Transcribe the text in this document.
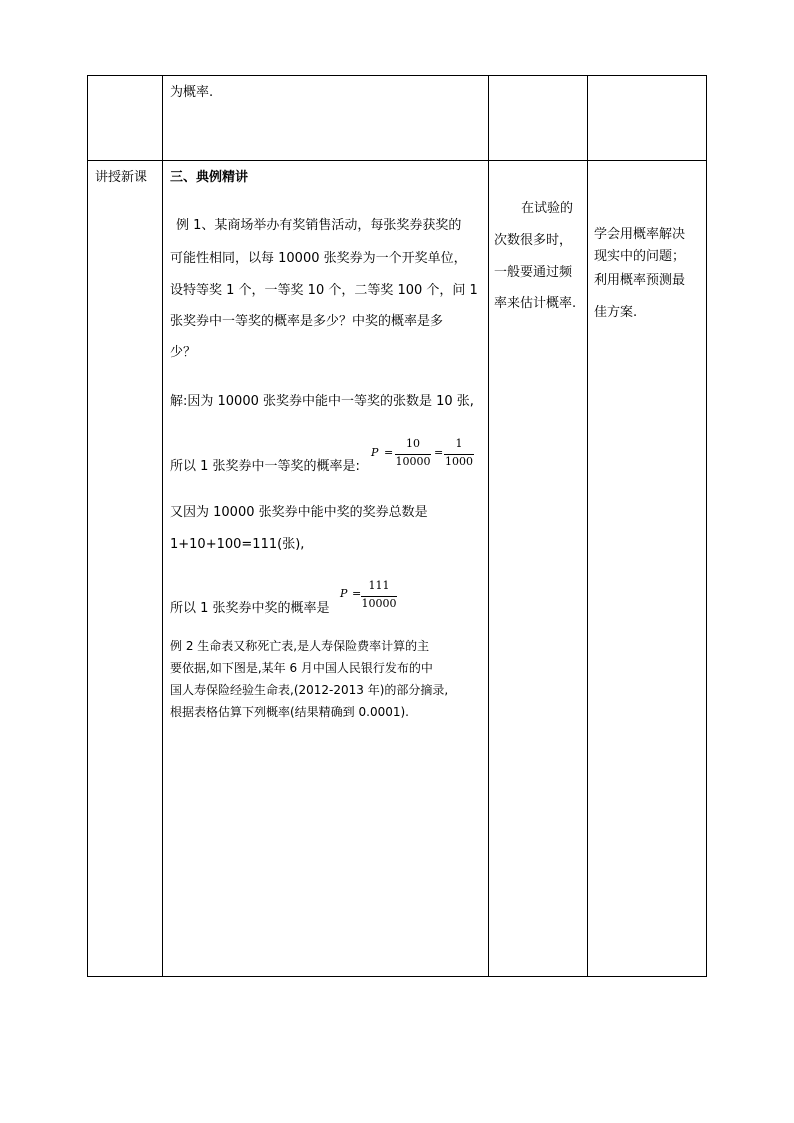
为概率.
讲授新课 三、典例精讲
例 1、某商场举办有奖销售活动，每张奖券获奖的
可能性相同，以每 10000 张奖券为一个开奖单位，
设特等奖 1 个，一等奖 10 个，二等奖 100 个，问 1
张奖券中一等奖的概率是多少？中奖的概率是多
少？
解:因为 10000 张奖券中能中一等奖的张数是 10 张,
所以 1 张奖券中一等奖的概率是:
P =
10
10000
=
1
1000
又因为 10000 张奖券中能中奖的奖券总数是
1+10+100=111(张),
所以 1 张奖券中奖的概率是
P =
111
10000
例 2 生命表又称死亡表,是人寿保险费率计算的主
要依据,如下图是,某年 6 月中国人民银行发布的中
国人寿保险经验生命表,(2012-2013 年)的部分摘录,
根据表格估算下列概率(结果精确到 0.0001).
在试验的
次数很多时，
一般要通过频
率来估计概率.
学会用概率解决
现实中的问题；
利用概率预测最
佳方案.
